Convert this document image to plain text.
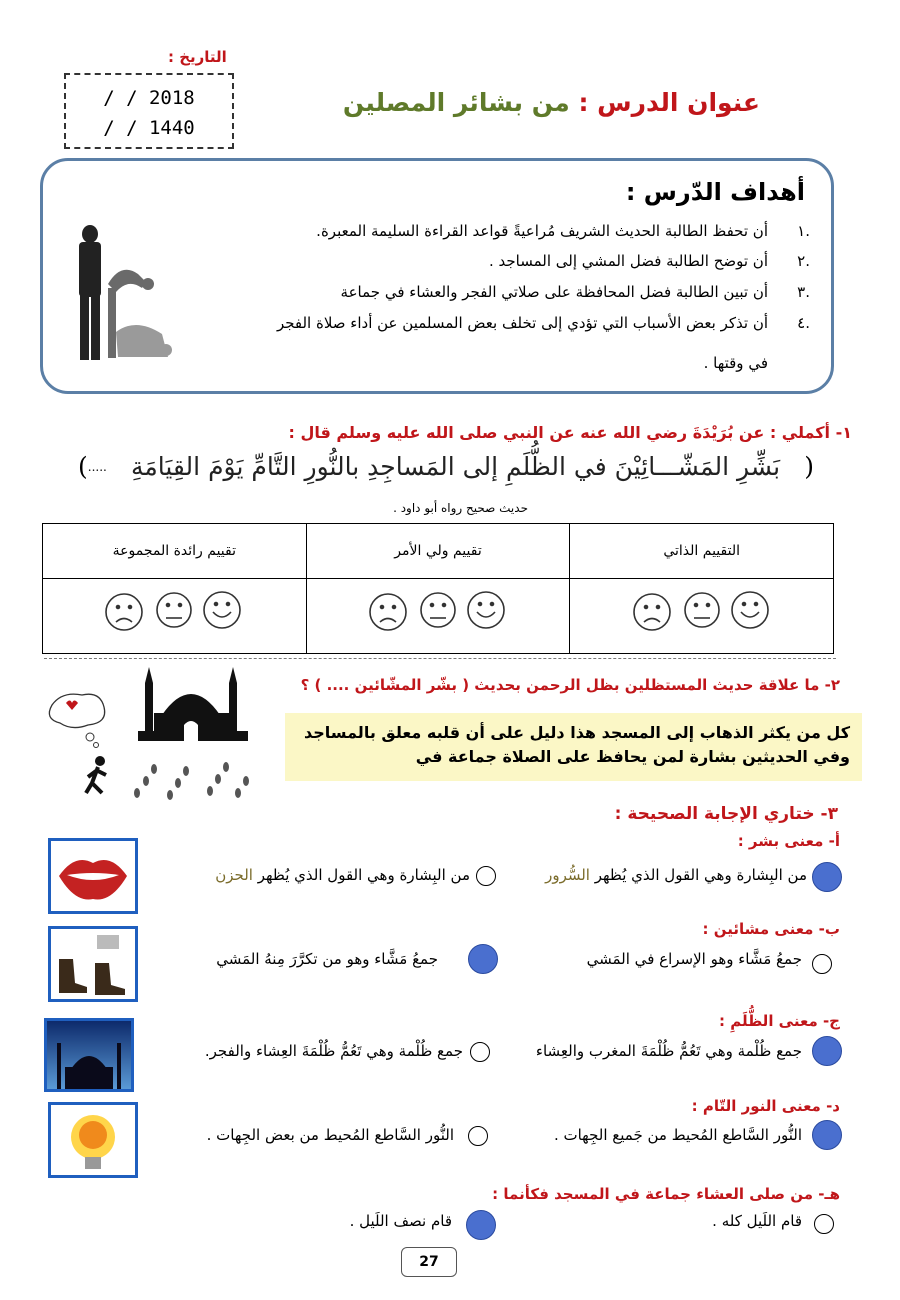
التاريخ :
/ / 2018
/ / 1440
عنوان الدرس : من بشائر المصلين
أهداف الدّرس :
.١
أن تحفظ الطالبة الحديث الشريف مُراعيةً قواعد القراءة السليمة المعبرة.
.٢
أن توضح الطالبة فضل المشي إلى المساجد .
.٣
أن تبين الطالبة فضل المحافظة على صلاتي الفجر والعشاء في جماعة
.٤
أن تذكر بعض الأسباب التي تؤدي إلى تخلف بعض المسلمين عن أداء صلاة الفجر
في وقتها .
١- أكملي : عن بُرَيْدَةَ رضي الله عنه عن النبي صلى الله عليه وسلم قال :
(
بَشِّرِ المَشّـــائِيْنَ في الظُّلَمِ إلى المَساجِدِ بالنُّورِ التَّامِّ يَوْمَ القِيَامَةِ
.....
)
حديث صحيح رواه أبو داود .
التقييم الذاتي	تقييم ولي الأمر	تقييم رائدة المجموعة

٢- ما علاقة حديث المستظلين بظل الرحمن بحديث ( بشّر المشّائين .... ) ؟
كل من يكثر الذهاب إلى المسجد هذا دليل على أن قلبه معلق بالمساجد
وفي الحديثين بشارة لمن يحافظ على الصلاة جماعة في
٣- ختاري الإجابة الصحيحة :
أ- معنى بشر :
من البِشارة وهي القول الذي يُظهر السُّرور
من البِشارة وهي القول الذي يُظهر الحزن
ب- معنى مشائين :
جمعُ مَشَّاء وهو الإسراع في المَشي
جمعُ مَشَّاء وهو من تكرَّرَ مِنهُ المَشي
ج- معنى الظُّلَمِ :
جمع ظُلْمة وهي تَعُمُّ ظُلْمَةَ المغرب والعِشاء
جمع ظُلْمة وهي تَعُمُّ ظُلْمَةَ العِشاء والفجر.
د- معنى النور التّام :
النُّور السَّاطع المُحيط من جَميع الجِهات .
النُّور السَّاطع المُحيط من بعض الجِهات .
هـ- من صلى العشاء جماعة في المسجد فكأنما :
قام اللَيل كله .
قام نصف اللَيل .
27
